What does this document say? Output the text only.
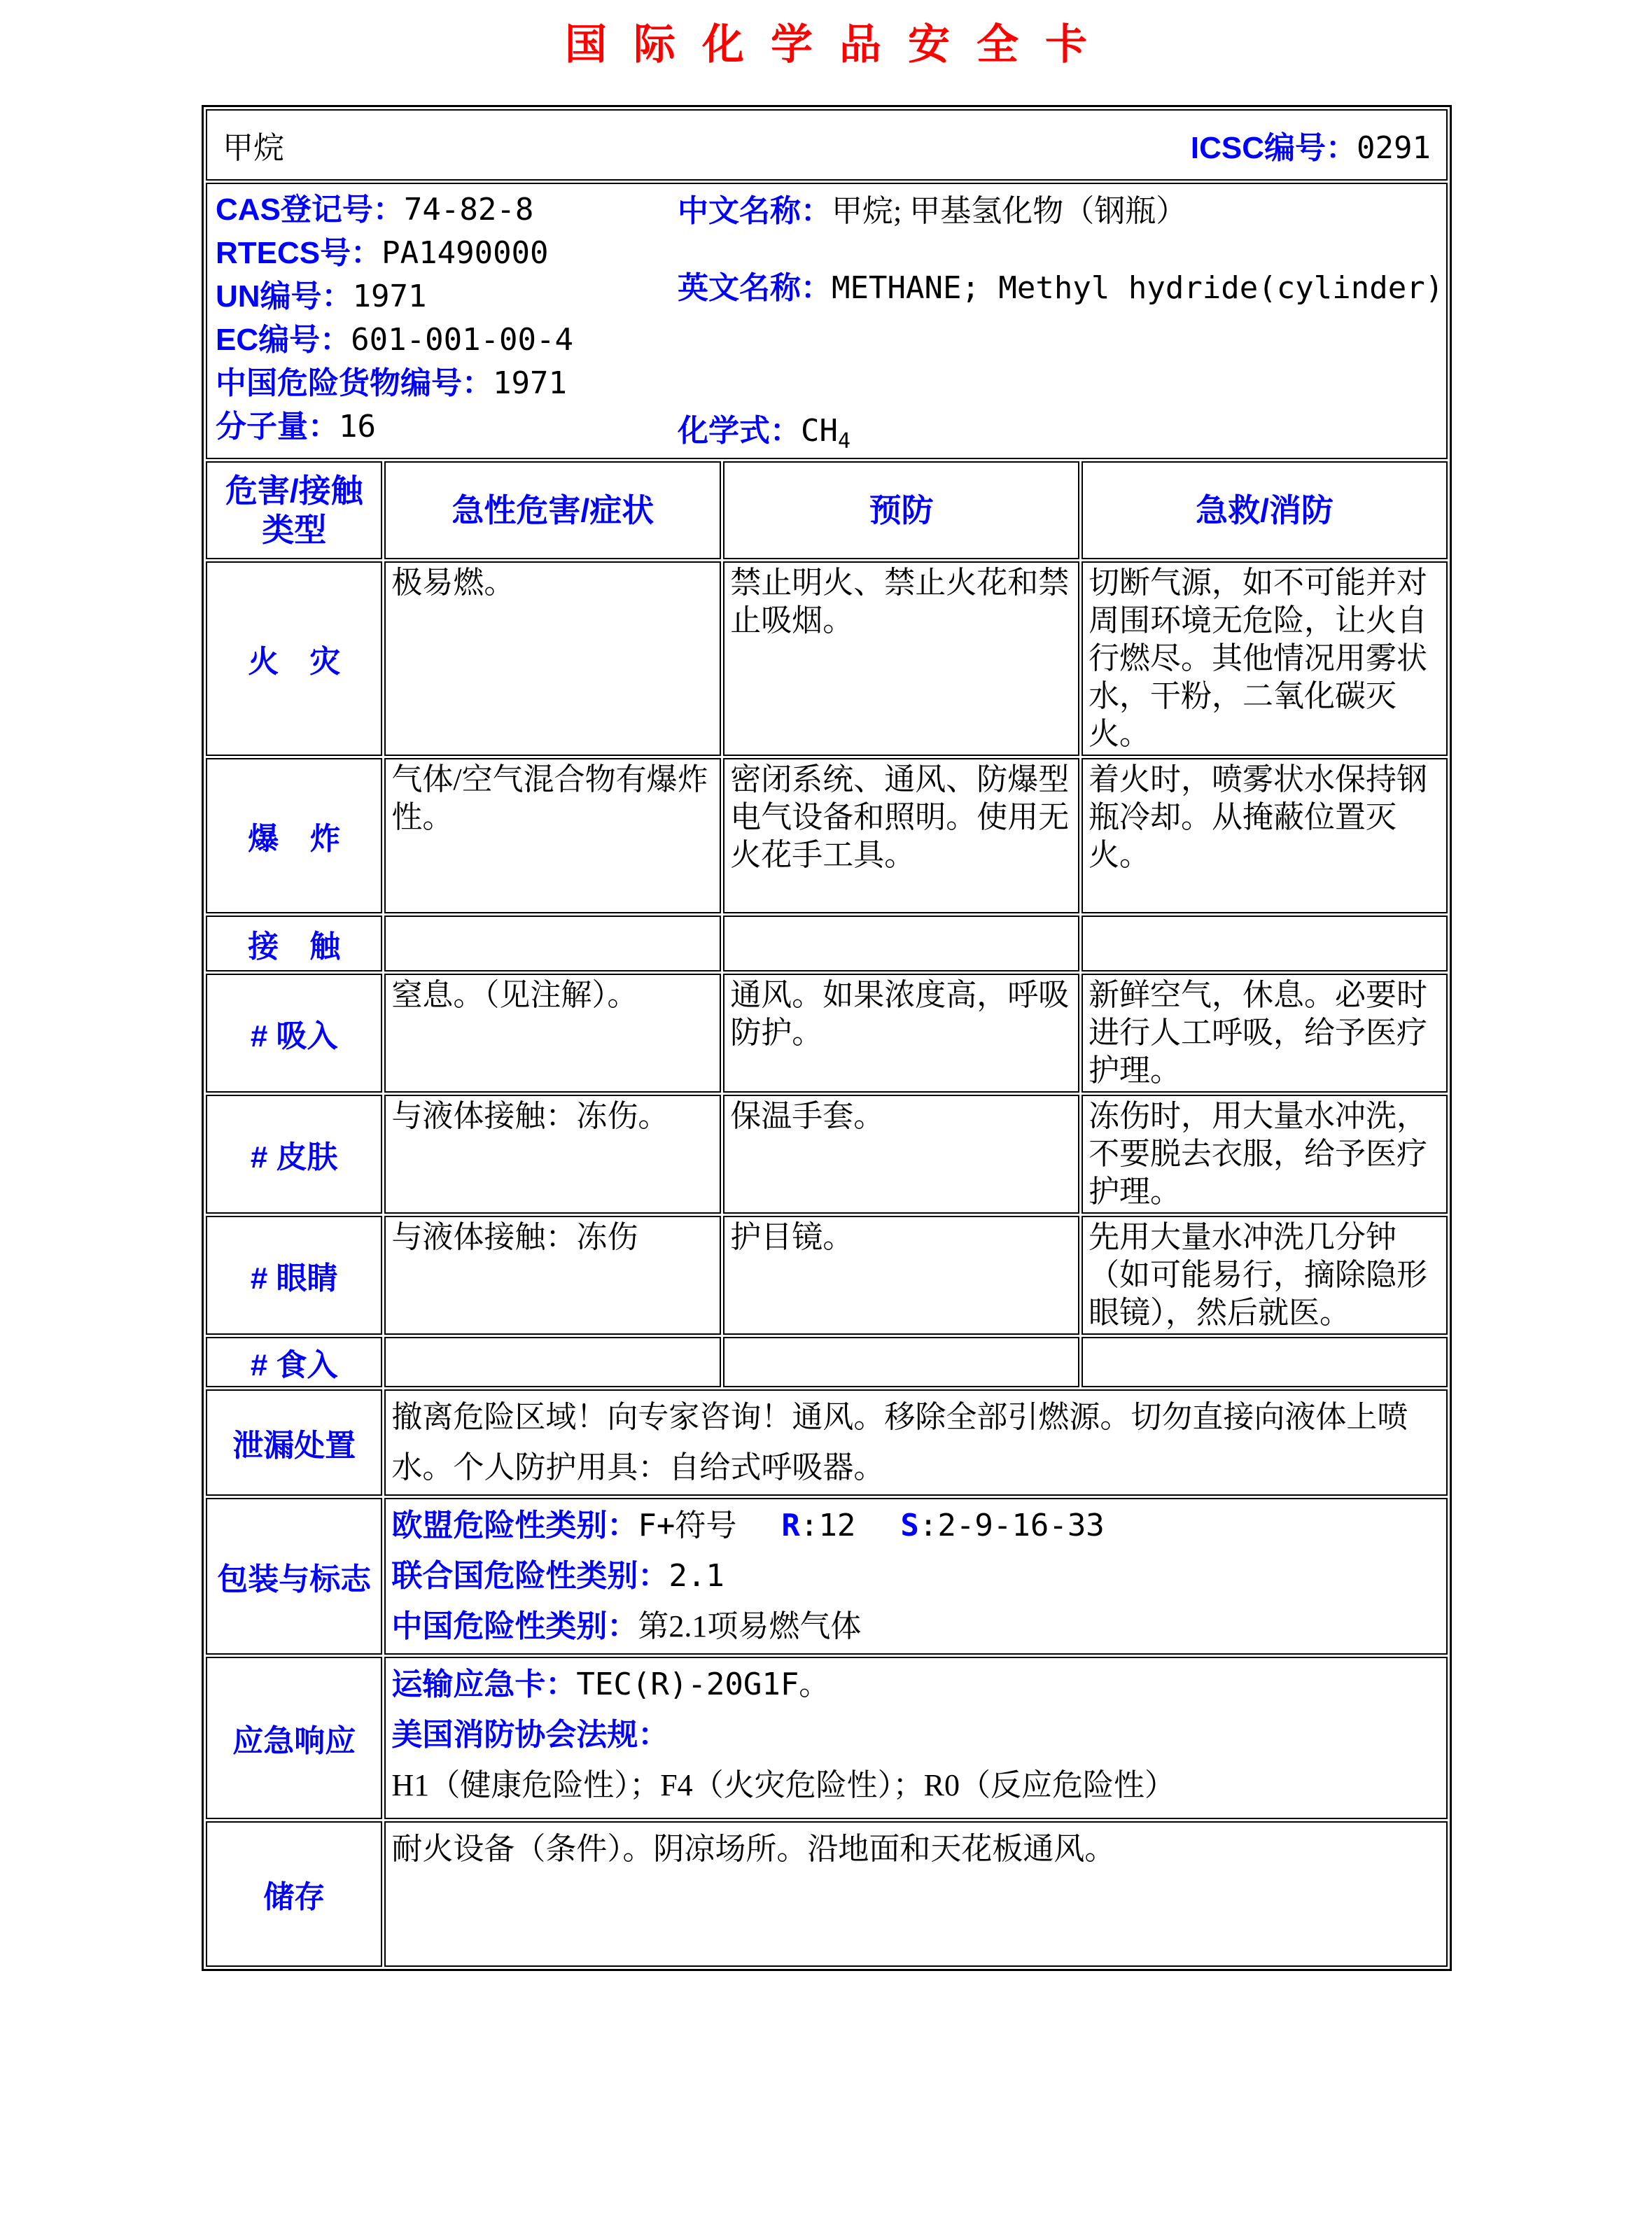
国际化学品安全卡
甲烷 ICSC编号：0291			

CAS登记号：74-82-8
RTECS号：PA1490000
UN编号：1971
EC编号：601-001-00-4
中国危险货物编号：1971
分子量：16
中文名称：甲烷; 甲基氢化物（钢瓶）
英文名称：METHANE; Methyl hydride(cylinder)
化学式：$CH_4$

危害/接触
类型	急性危害/症状	预防	急救/消防
火　灾	极易燃。	禁止明火、禁止火花和禁止吸烟。	切断气源，如不可能并对周围环境无危险，让火自行燃尽。其他情况用雾状水，干粉，二氧化碳灭火。
爆　炸	气体/空气混合物有爆炸性。	密闭系统、通风、防爆型电气设备和照明。使用无火花手工具。	着火时，喷雾状水保持钢瓶冷却。从掩蔽位置灭火。
接　触			
# 吸入	窒息。（见注解）。	通风。如果浓度高，呼吸防护。	新鲜空气，休息。必要时进行人工呼吸，给予医疗护理。
# 皮肤	与液体接触：冻伤。	保温手套。	冻伤时，用大量水冲洗，不要脱去衣服，给予医疗护理。
# 眼睛	与液体接触：冻伤	护目镜。	先用大量水冲洗几分钟（如可能易行，摘除隐形眼镜），然后就医。
# 食入			
泄漏处置	撤离危险区域！向专家咨询！通风。移除全部引燃源。切勿直接向液体上喷水。个人防护用具：自给式呼吸器。		
包装与标志	欧盟危险性类别：F+符号 R:12 S:2-9-16-33
联合国危险性类别：2.1
中国危险性类别：第2.1项易燃气体		

应急响应	运输应急卡：TEC(R)-20G1F。
美国消防协会法规：H1（健康危险性）；F4（火灾危险性）；R0（反应危险性）		

储存	耐火设备（条件）。阴凉场所。沿地面和天花板通风。		
